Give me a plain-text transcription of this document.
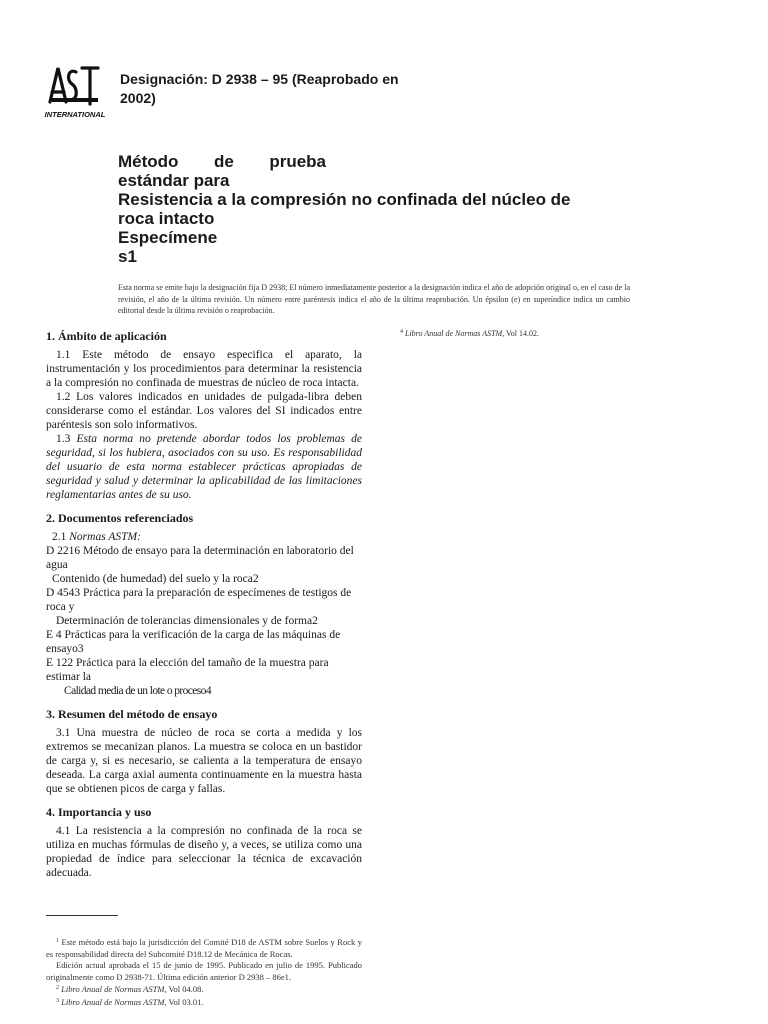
INTERNATIONAL
Designación: D 2938 – 95 (Reaprobado en 2002)
Método de prueba
estándar para
Resistencia a la compresión no confinada del núcleo de
roca intacto
Especímene
s1
Esta norma se emite bajo la designación fija D 2938; El número inmediatamente posterior a la designación indica el año de adopción original o, en el caso de la revisión, el año de la última revisión. Un número entre paréntesis indica el año de la última reaprobación. Un épsilon (e) en superíndice indica un cambio editorial desde la última revisión o reaprobación.
1. Ámbito de aplicación

1.1 Este método de ensayo especifica el aparato, la instrumentación y los procedimientos para determinar la resistencia a la compresión no confinada de muestras de núcleo de roca intacta.

1.2 Los valores indicados en unidades de pulgada-libra deben considerarse como el estándar. Los valores del SI indicados entre paréntesis son solo informativos.

1.3 Esta norma no pretende abordar todos los problemas de seguridad, si los hubiera, asociados con su uso. Es responsabilidad del usuario de esta norma establecer prácticas apropiadas de seguridad y salud y determinar la aplicabilidad de las limitaciones reglamentarias antes de su uso.

2. Documentos referenciados
2.1 Normas ASTM:
D 2216 Método de ensayo para la determinación en laboratorio del agua
Contenido (de humedad) del suelo y la roca2
D 4543 Práctica para la preparación de especímenes de testigos de roca y
Determinación de tolerancias dimensionales y de forma2
E 4 Prácticas para la verificación de la carga de las máquinas de ensayo3
E 122 Práctica para la elección del tamaño de la muestra para estimar la
Calidad media de un lote o proceso4
3. Resumen del método de ensayo

3.1 Una muestra de núcleo de roca se corta a medida y los extremos se mecanizan planos. La muestra se coloca en un bastidor de carga y, si es necesario, se calienta a la temperatura de ensayo deseada. La carga axial aumenta continuamente en la muestra hasta que se obtienen picos de carga y fallas.

4. Importancia y uso

4.1 La resistencia a la compresión no confinada de la roca se utiliza en muchas fórmulas de diseño y, a veces, se utiliza como una propiedad de índice para seleccionar la técnica de excavación adecuada.

$^4$ Libro Anual de Normas ASTM, Vol 14.02.

$^1$ Este método está bajo la jurisdicción del Comité D18 de ASTM sobre Suelos y Rock y es responsabilidad directa del Subcomité D18.12 de Mecánica de Rocas.

Edición actual aprobada el 15 de junio de 1995. Publicado en julio de 1995. Publicado originalmente como D 2938-71. Última edición anterior D 2938 – 86e1.

$^2$ Libro Anual de Normas ASTM, Vol 04.08.

$^3$ Libro Anual de Normas ASTM, Vol 03.01.
